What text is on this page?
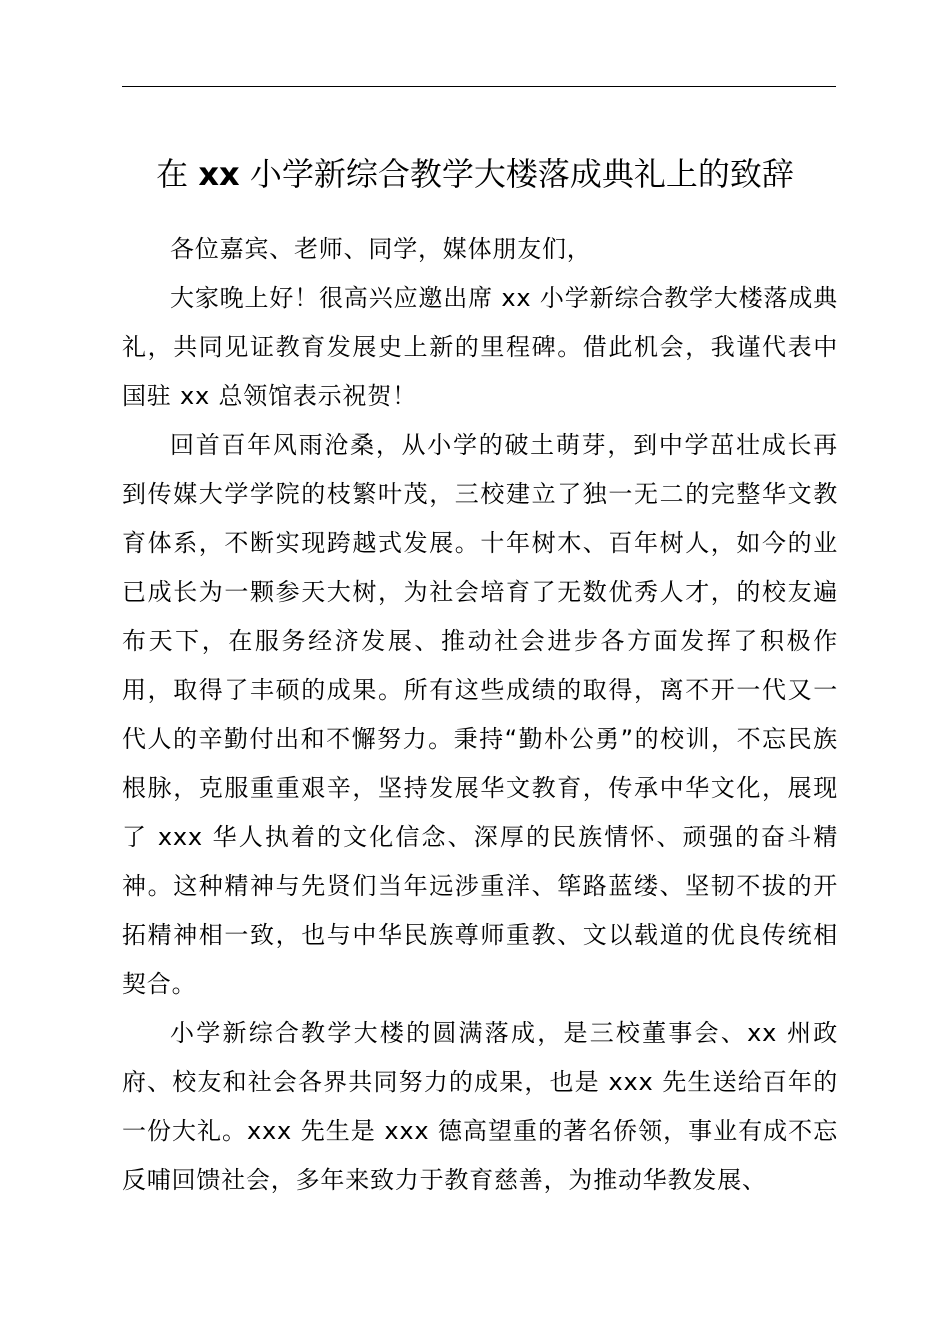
在 xx 小学新综合教学大楼落成典礼上的致辞

各位嘉宾、老师、同学，媒体朋友们，

大家晚上好！很高兴应邀出席 xx 小学新综合教学大楼落成典礼，共同见证教育发展史上新的里程碑。借此机会，我谨代表中国驻 xx 总领馆表示祝贺！

回首百年风雨沧桑，从小学的破土萌芽，到中学茁壮成长再到传媒大学学院的枝繁叶茂，三校建立了独一无二的完整华文教育体系，不断实现跨越式发展。十年树木、百年树人，如今的业已成长为一颗参天大树，为社会培育了无数优秀人才，的校友遍布天下，在服务经济发展、推动社会进步各方面发挥了积极作用，取得了丰硕的成果。所有这些成绩的取得，离不开一代又一代人的辛勤付出和不懈努力。秉持“勤朴公勇”的校训，不忘民族根脉，克服重重艰辛，坚持发展华文教育，传承中华文化，展现了 xxx 华人执着的文化信念、深厚的民族情怀、顽强的奋斗精神。这种精神与先贤们当年远涉重洋、筚路蓝缕、坚韧不拔的开拓精神相一致，也与中华民族尊师重教、文以载道的优良传统相契合。

小学新综合教学大楼的圆满落成，是三校董事会、xx 州政府、校友和社会各界共同努力的成果，也是 xxx 先生送给百年的一份大礼。xxx 先生是 xxx 德高望重的著名侨领，事业有成不忘反哺回馈社会，多年来致力于教育慈善，为推动华教发展、
